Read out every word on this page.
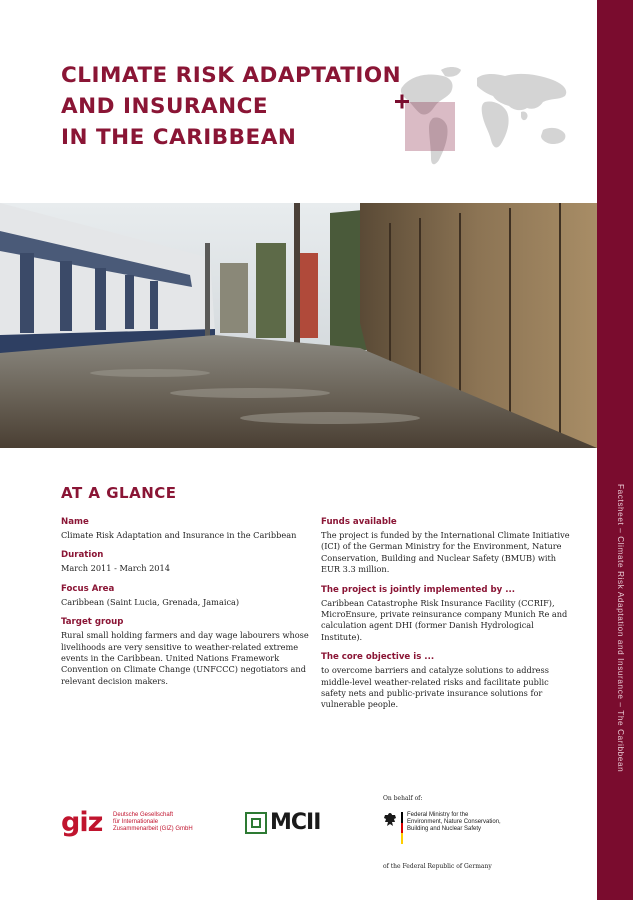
Factsheet – Climate Risk Adaptation and Insurance – The Caribbean
CLIMATE RISK ADAPTATION
AND INSURANCE
IN THE CARIBBEAN
AT A GLANCE
Name
Climate Risk Adaptation and Insurance in the Caribbean
Duration
March 2011 - March 2014
Focus Area
Caribbean (Saint Lucia, Grenada, Jamaica)
Target group
Rural small holding farmers and day wage labourers whose livelihoods are very sensitive to weather-related extreme events in the Caribbean. United Nations Framework Convention on Climate Change (UNFCCC) negotiators and relevant decision makers.
Funds available
The project is funded by the International Climate Initiative (ICI) of the German Ministry for the Environment, Nature Conservation, Building and Nuclear Safety (BMUB) with EUR 3.3 million.
The project is jointly implemented by ...
Caribbean Catastrophe Risk Insurance Facility (CCRIF), MicroEnsure, private reinsurance company Munich Re and calculation agent DHI (former Danish Hydrological Institute).
The core objective is ...
to overcome barriers and catalyze solutions to address middle-level weather-related risks and facilitate public safety nets and public-private insurance solutions for vulnerable people.
giz Deutsche Gesellschaft
für Internationale
Zusammenarbeit (GIZ) GmbH	MCII
On behalf of:
Federal Ministry for the
Environment, Nature Conservation,
Building and Nuclear Safety
of the Federal Republic of Germany
